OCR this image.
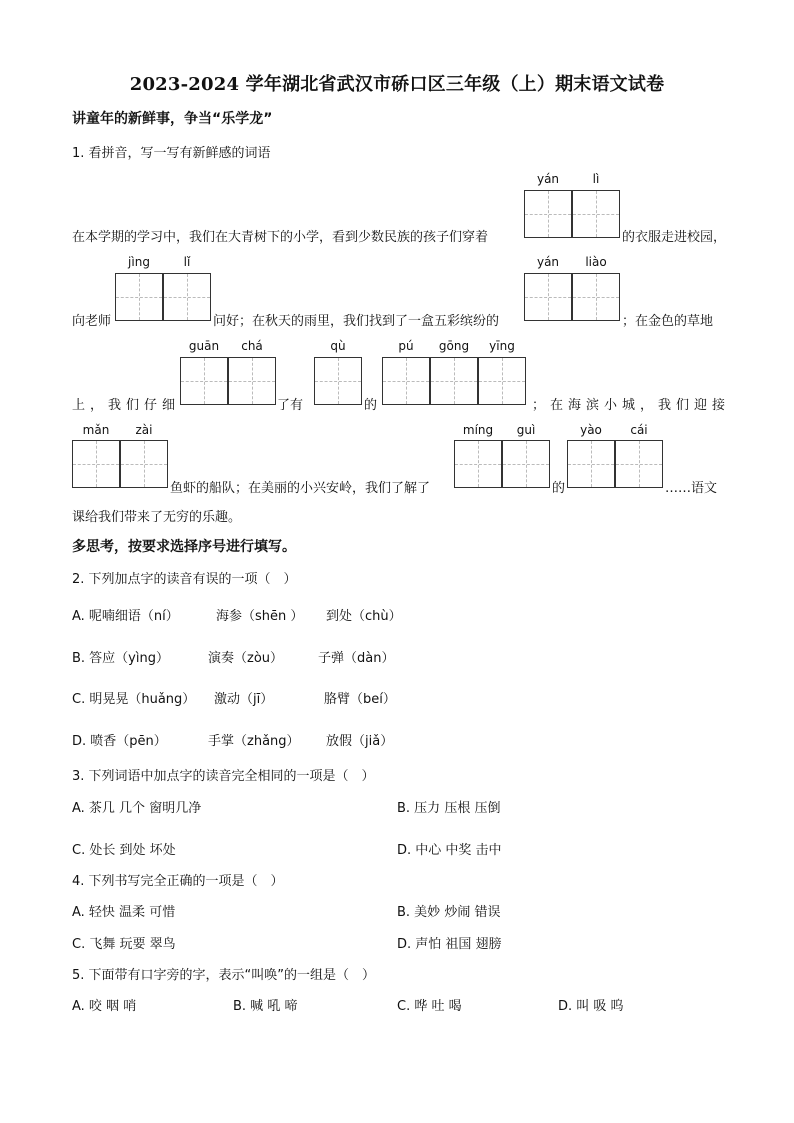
2023-2024 学年湖北省武汉市硚口区三年级（上）期末语文试卷
讲童年的新鲜事，争当“乐学龙”
1. 看拼音，写一写有新鲜感的词语
yán	lì
在本学期的学习中，我们在大青树下的小学，看到少数民族的孩子们穿着	的衣服走进校园，
jìng	lǐ	yán	liào
向老师	问好；在秋天的雨里，我们找到了一盒五彩缤纷的	；在金色的草地
guān	chá	qù	pú	gōng	yīng
上，我们仔细	了有	的	；在海滨小城，我们迎接
mǎn	zài	míng	guì	yào	cái
鱼虾的船队；在美丽的小兴安岭，我们了解了	的	……语文
课给我们带来了无穷的乐趣。
多思考，按要求选择序号进行填写。
2. 下列加点字的读音有误的一项（　）
A. 呢喃细语（ní）	海参（shēn ） 到处（chù）
B. 答应（yìng）	演奏（zòu）	子弹（dàn）
C. 明晃晃（huǎng） 激动（jī）	胳臂（beí）
D. 喷香（pēn）	手掌（zhǎng） 放假（jiǎ）
3. 下列词语中加点字的读音完全相同的一项是（　）
A. 茶几 几个 窗明几净	B. 压力 压根 压倒
C. 处长 到处 坏处	D. 中心 中奖 击中
4. 下列书写完全正确的一项是（　）
A. 轻快 温柔 可惜	B. 美妙 炒闹 错误
C. 飞舞 玩要 翠鸟	D. 声怕 祖国 翅膀
5. 下面带有口字旁的字，表示“叫唤”的一组是（　）
A. 咬 咽 哨	B. 喊 吼 啼	C. 哗 吐 喝	D. 叫 吸 呜
